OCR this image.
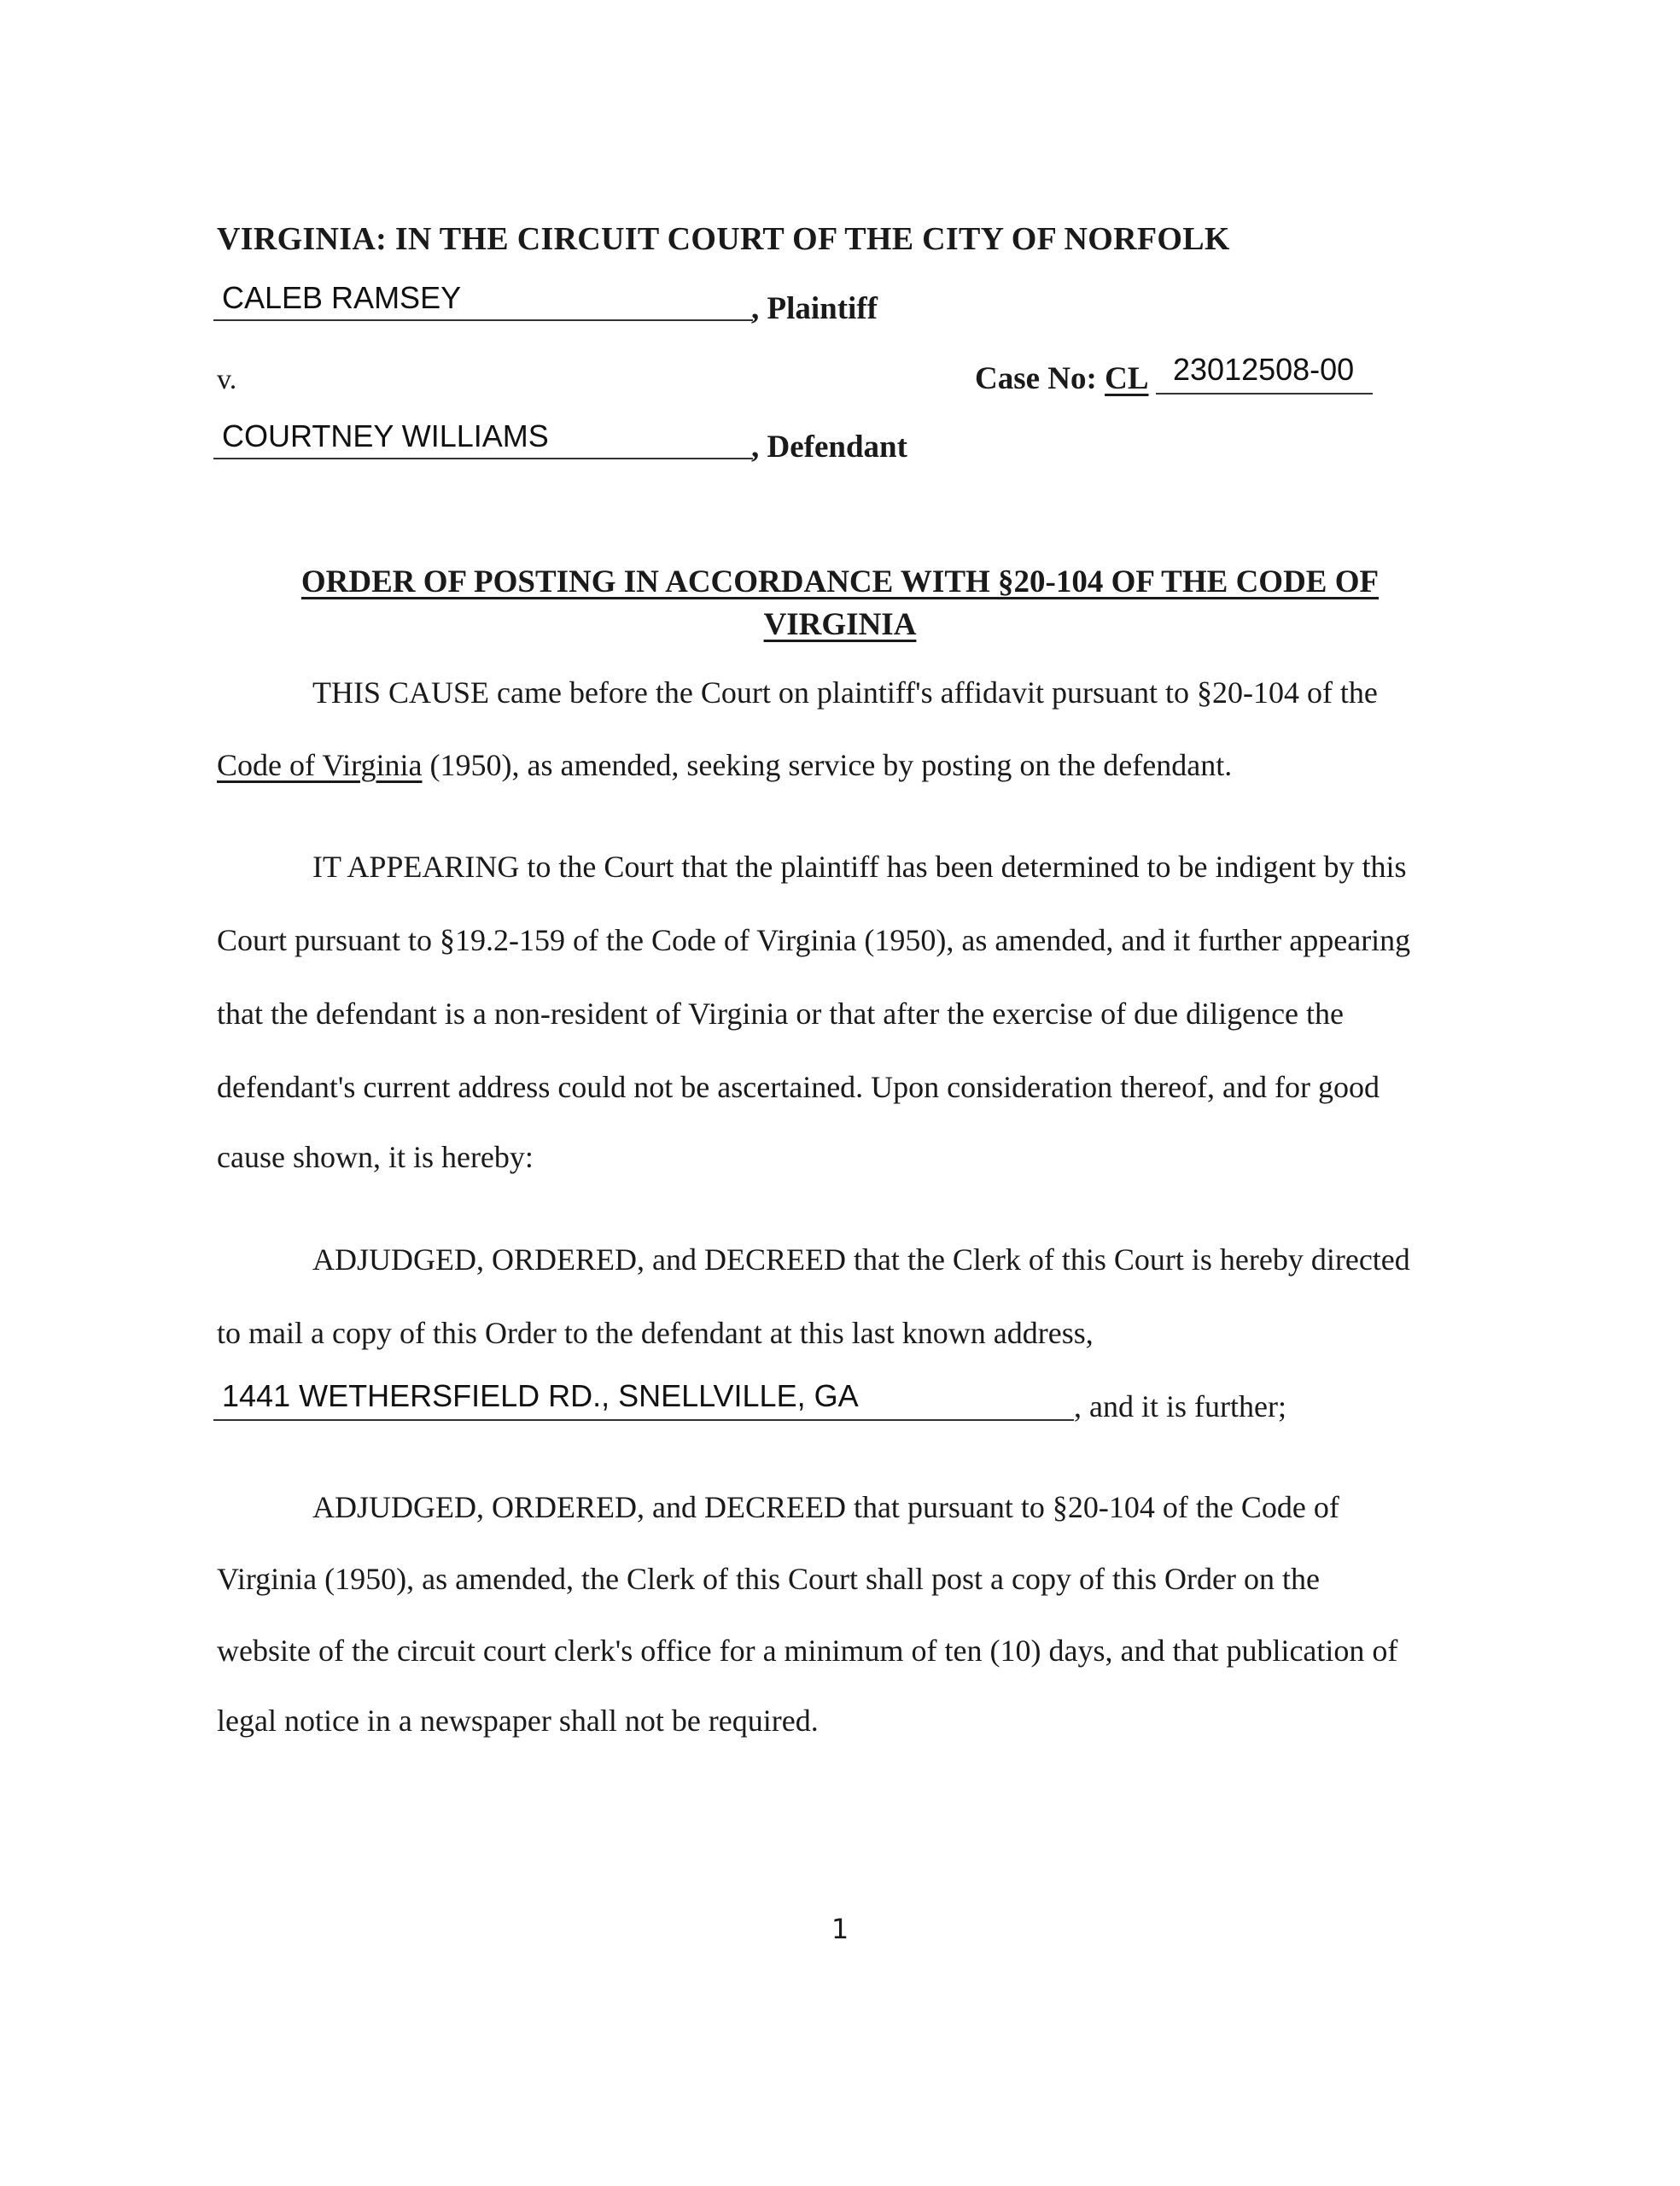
VIRGINIA: IN THE CIRCUIT COURT OF THE CITY OF NORFOLK
CALEB RAMSEY	, Plaintiff
v.	Case No: CL 23012508-00
COURTNEY WILLIAMS	, Defendant
ORDER OF POSTING IN ACCORDANCE WITH §20-104 OF THE CODE OF
VIRGINIA
THIS CAUSE came before the Court on plaintiff's affidavit pursuant to §20-104 of the
Code of Virginia (1950), as amended, seeking service by posting on the defendant.
IT APPEARING to the Court that the plaintiff has been determined to be indigent by this
Court pursuant to §19.2-159 of the Code of Virginia (1950), as amended, and it further appearing
that the defendant is a non-resident of Virginia or that after the exercise of due diligence the
defendant's current address could not be ascertained. Upon consideration thereof, and for good
cause shown, it is hereby:
ADJUDGED, ORDERED, and DECREED that the Clerk of this Court is hereby directed
to mail a copy of this Order to the defendant at this last known address,
1441 WETHERSFIELD RD., SNELLVILLE, GA	, and it is further;
ADJUDGED, ORDERED, and DECREED that pursuant to §20-104 of the Code of
Virginia (1950), as amended, the Clerk of this Court shall post a copy of this Order on the
website of the circuit court clerk's office for a minimum of ten (10) days, and that publication of
legal notice in a newspaper shall not be required.
1
